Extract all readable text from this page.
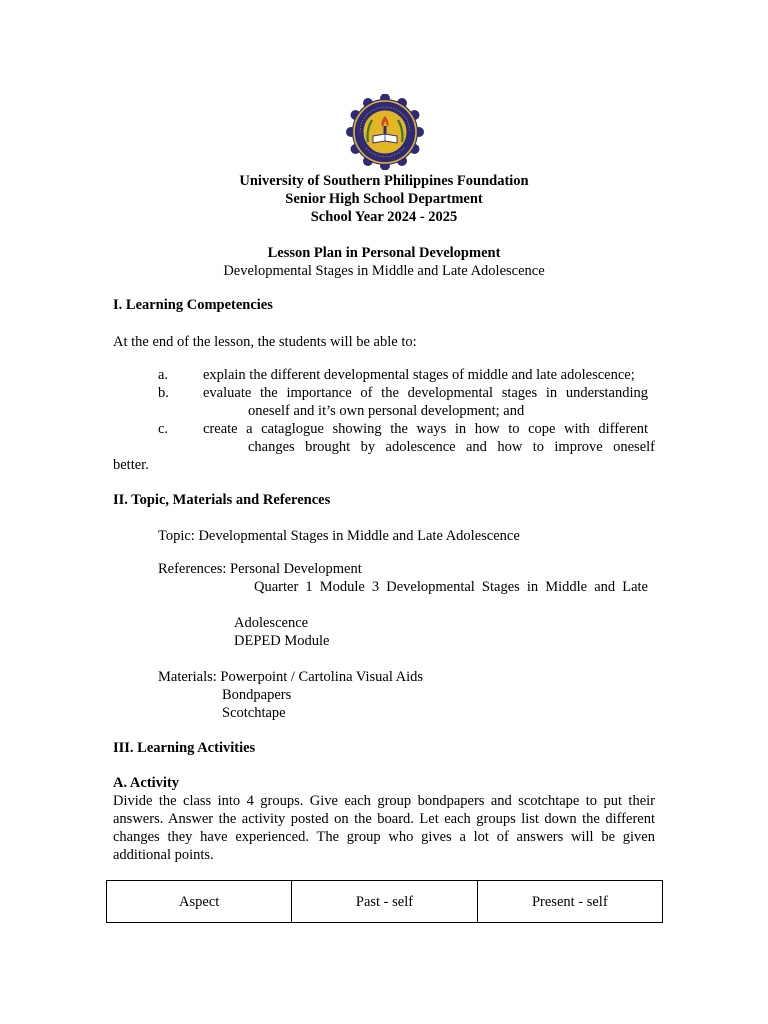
University of Southern Philippines Foundation
Senior High School Department
School Year 2024 - 2025
Lesson Plan in Personal Development
Developmental Stages in Middle and Late Adolescence
I. Learning Competencies
At the end of the lesson, the students will be able to:
a. explain the different developmental stages of middle and late adolescence;
b. evaluate the importance of the developmental stages in understanding
oneself and it’s own personal development; and
c. create a cataglogue showing the ways in how to cope with different
changes brought by adolescence and how to improve oneself
better.
II. Topic, Materials and References
Topic: Developmental Stages in Middle and Late Adolescence
References: Personal Development
Quarter 1 Module 3 Developmental Stages in Middle and Late
Adolescence
DEPED Module
Materials: Powerpoint / Cartolina Visual Aids
Bondpapers
Scotchtape
III. Learning Activities
A. Activity
Divide the class into 4 groups. Give each group bondpapers and scotchtape to put their answers. Answer the activity posted on the board. Let each groups list down the different changes they have experienced. The group who gives a lot of answers will be given additional points.
Aspect	Past - self	Present - self
